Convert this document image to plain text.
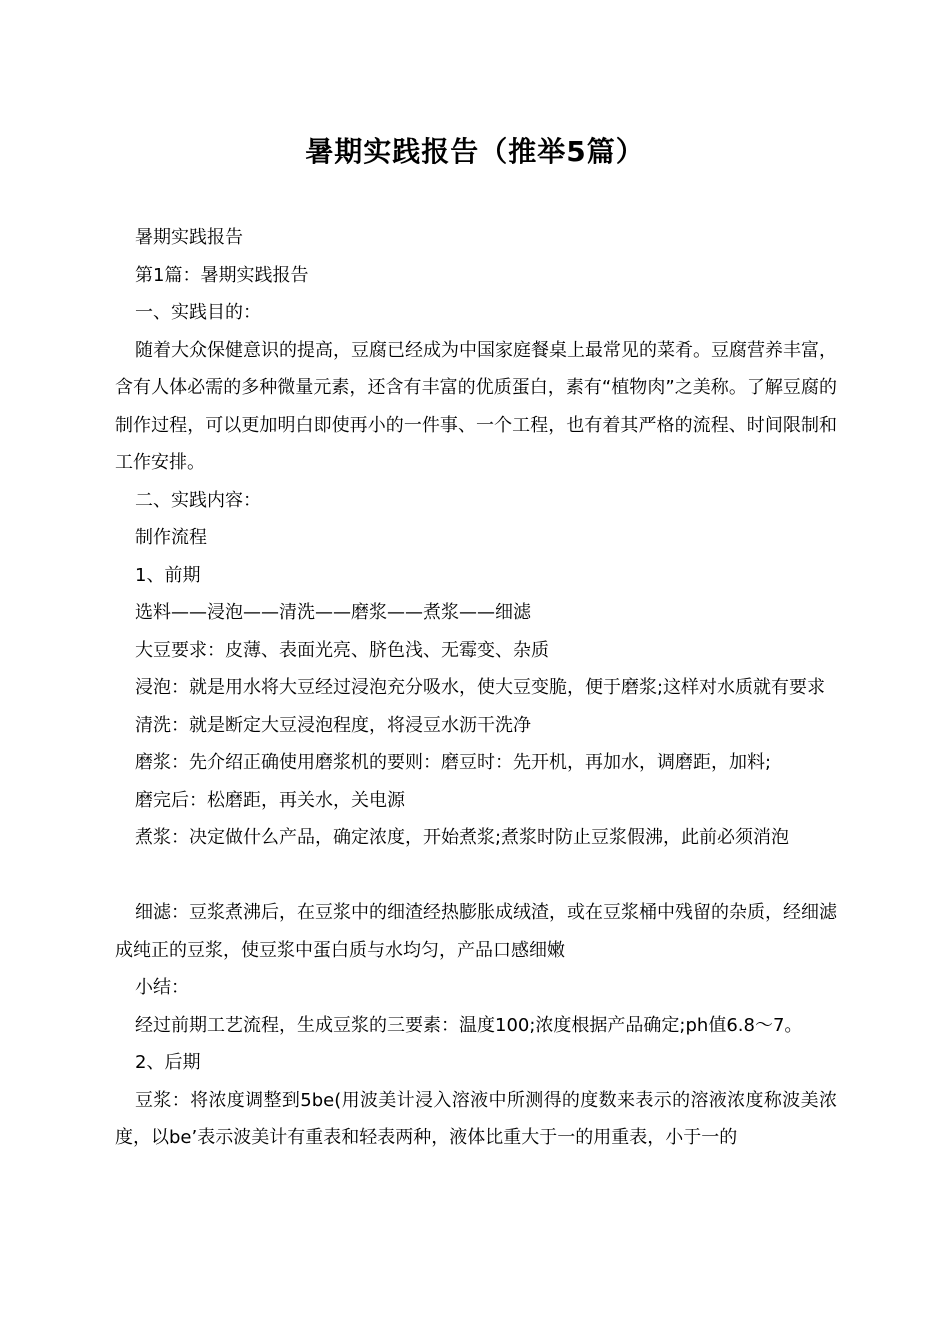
暑期实践报告（推举5篇）

暑期实践报告

第1篇：暑期实践报告

一、实践目的：

随着大众保健意识的提高，豆腐已经成为中国家庭餐桌上最常见的菜肴。豆腐营养丰富，含有人体必需的多种微量元素，还含有丰富的优质蛋白，素有“植物肉”之美称。了解豆腐的制作过程，可以更加明白即使再小的一件事、一个工程，也有着其严格的流程、时间限制和工作安排。

二、实践内容：

制作流程

1、前期

选料——浸泡——清洗——磨浆——煮浆——细滤

大豆要求：皮薄、表面光亮、脐色浅、无霉变、杂质

浸泡：就是用水将大豆经过浸泡充分吸水，使大豆变脆，便于磨浆;这样对水质就有要求

清洗：就是断定大豆浸泡程度，将浸豆水沥干洗净

磨浆：先介绍正确使用磨浆机的要则：磨豆时：先开机，再加水，调磨距，加料;

磨完后：松磨距，再关水，关电源

煮浆：决定做什么产品，确定浓度，开始煮浆;煮浆时防止豆浆假沸，此前必须消泡

细滤：豆浆煮沸后，在豆浆中的细渣经热膨胀成绒渣，或在豆浆桶中残留的杂质，经细滤成纯正的豆浆，使豆浆中蛋白质与水均匀，产品口感细嫩

小结：

经过前期工艺流程，生成豆浆的三要素：温度100;浓度根据产品确定;ph值6.8～7。

2、后期

豆浆：将浓度调整到5be(用波美计浸入溶液中所测得的度数来表示的溶液浓度称波美浓度，以be’表示波美计有重表和轻表两种，液体比重大于一的用重表，小于一的
